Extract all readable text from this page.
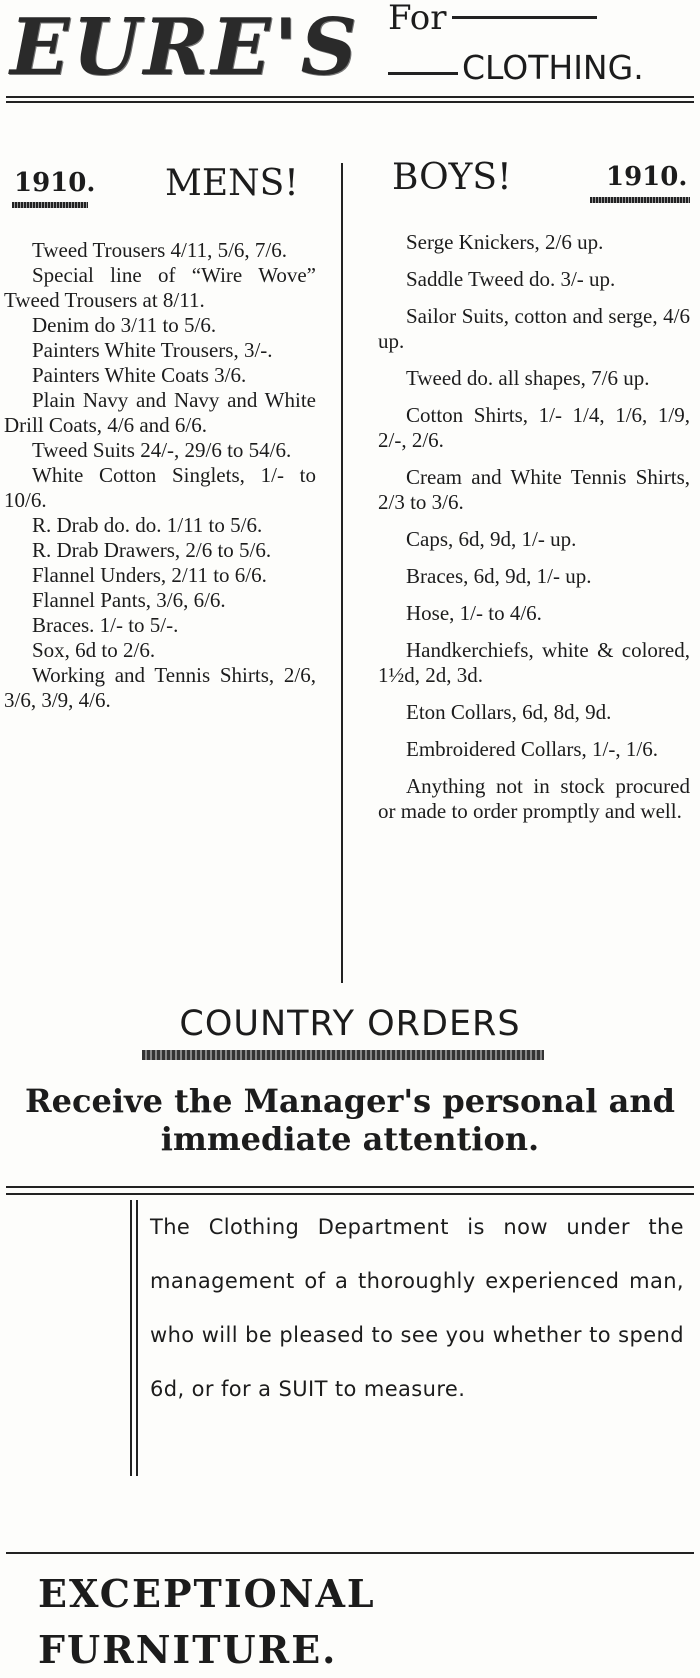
EURE'S For
CLOTHING.
1910. MENS!	BOYS!	1910.

Tweed Trousers 4/11, 5/6, 7/6.

Special line of “Wire Wove” Tweed Trousers at 8/11.

Denim do 3/11 to 5/6.

Painters White Trousers, 3/-.

Painters White Coats 3/6.

Plain Navy and Navy and White Drill Coats, 4/6 and 6/6.

Tweed Suits 24/-, 29/6 to 54/6.

White Cotton Singlets, 1/- to 10/6.

R. Drab do. do. 1/11 to 5/6.

R. Drab Drawers, 2/6 to 5/6.

Flannel Unders, 2/11 to 6/6.

Flannel Pants, 3/6, 6/6.

Braces. 1/- to 5/-.

Sox, 6d to 2/6.

Working and Tennis Shirts, 2/6, 3/6, 3/9, 4/6.

Serge Knickers, 2/6 up.

Saddle Tweed do. 3/- up.

Sailor Suits, cotton and serge, 4/6 up.

Tweed do. all shapes, 7/6 up.

Cotton Shirts, 1/- 1/4, 1/6, 1/9, 2/-, 2/6.

Cream and White Tennis Shirts, 2/3 to 3/6.

Caps, 6d, 9d, 1/- up.

Braces, 6d, 9d, 1/- up.

Hose, 1/- to 4/6.

Handkerchiefs, white & colored, 1½d, 2d, 3d.

Eton Collars, 6d, 8d, 9d.

Embroidered Collars, 1/-, 1/6.

Anything not in stock procured or made to order promptly and well.

COUNTRY ORDERS
Receive the Manager's personal and
immediate attention.
The Clothing Department is now under the management of a thoroughly experienced man, who will be pleased to see you whether to spend 6d, or for a SUIT to measure.
EXCEPTIONAL
FURNITURE.
